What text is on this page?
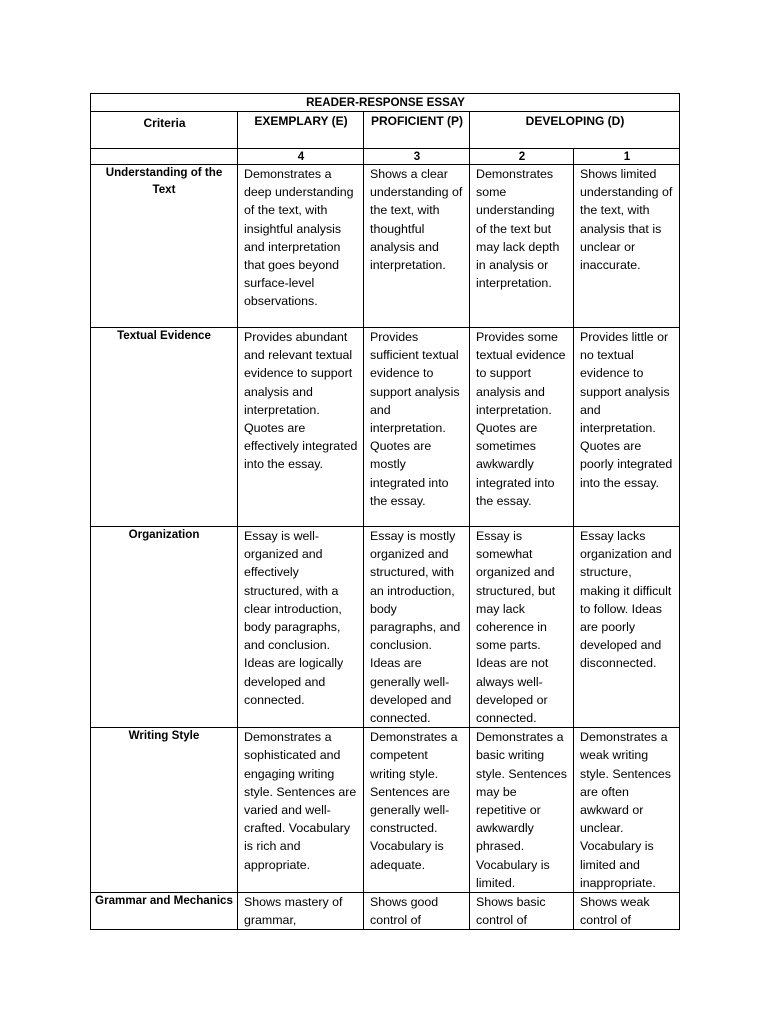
READER-RESPONSE ESSAY				
Criteria	EXEMPLARY (E)	PROFICIENT (P)	DEVELOPING (D)	
	4	3	2	1
Understanding of the Text	Demonstrates a deep understanding of the text, with insightful analysis and interpretation that goes beyond surface-level observations.	Shows a clear understanding of the text, with thoughtful analysis and interpretation.	Demonstrates some understanding of the text but may lack depth in analysis or interpretation.	Shows limited understanding of the text, with analysis that is unclear or inaccurate.
Textual Evidence	Provides abundant and relevant textual evidence to support analysis and interpretation. Quotes are effectively integrated into the essay.	Provides sufficient textual evidence to support analysis and interpretation. Quotes are mostly integrated into the essay.	Provides some textual evidence to support analysis and interpretation. Quotes are sometimes awkwardly integrated into the essay.	Provides little or no textual evidence to support analysis and interpretation. Quotes are poorly integrated into the essay.
Organization	Essay is well-organized and effectively structured, with a clear introduction, body paragraphs, and conclusion. Ideas are logically developed and connected.	Essay is mostly organized and structured, with an introduction, body paragraphs, and conclusion. Ideas are generally well-developed and connected.	Essay is somewhat organized and structured, but may lack coherence in some parts. Ideas are not always well-developed or connected.	Essay lacks organization and structure, making it difficult to follow. Ideas are poorly developed and disconnected.
Writing Style	Demonstrates a sophisticated and engaging writing style. Sentences are varied and well-crafted. Vocabulary is rich and appropriate.	Demonstrates a competent writing style. Sentences are generally well-constructed. Vocabulary is adequate.	Demonstrates a basic writing style. Sentences may be repetitive or awkwardly phrased. Vocabulary is limited.	Demonstrates a weak writing style. Sentences are often awkward or unclear. Vocabulary is limited and inappropriate.
Grammar and Mechanics	Shows mastery of grammar,	Shows good control of	Shows basic control of	Shows weak control of
